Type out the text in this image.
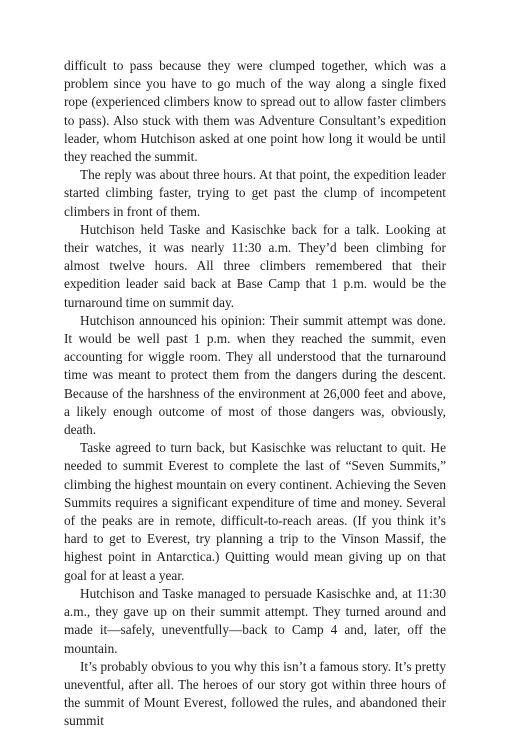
difficult to pass because they were clumped together, which was a problem since you have to go much of the way along a single fixed rope (experienced climbers know to spread out to allow faster climbers to pass). Also stuck with them was Adventure Consultant’s expedition leader, whom Hutchison asked at one point how long it would be until they reached the summit.

The reply was about three hours. At that point, the expedition leader started climbing faster, trying to get past the clump of incompetent climbers in front of them.

Hutchison held Taske and Kasischke back for a talk. Looking at their watches, it was nearly 11:30 a.m. They’d been climbing for almost twelve hours. All three climbers remembered that their expedition leader said back at Base Camp that 1 p.m. would be the turnaround time on summit day.

Hutchison announced his opinion: Their summit attempt was done. It would be well past 1 p.m. when they reached the summit, even accounting for wiggle room. They all understood that the turnaround time was meant to protect them from the dangers during the descent. Because of the harshness of the environment at 26,000 feet and above, a likely enough outcome of most of those dangers was, obviously, death.

Taske agreed to turn back, but Kasischke was reluctant to quit. He needed to summit Everest to complete the last of “Seven Summits,” climbing the highest mountain on every continent. Achieving the Seven Summits requires a significant expenditure of time and money. Several of the peaks are in remote, difficult-to-reach areas. (If you think it’s hard to get to Everest, try planning a trip to the Vinson Massif, the highest point in Antarctica.) Quitting would mean giving up on that goal for at least a year.

Hutchison and Taske managed to persuade Kasischke and, at 11:30 a.m., they gave up on their summit attempt. They turned around and made it—safely, uneventfully—back to Camp 4 and, later, off the mountain.

It’s probably obvious to you why this isn’t a famous story. It’s pretty uneventful, after all. The heroes of our story got within three hours of the summit of Mount Everest, followed the rules, and abandoned their summit
